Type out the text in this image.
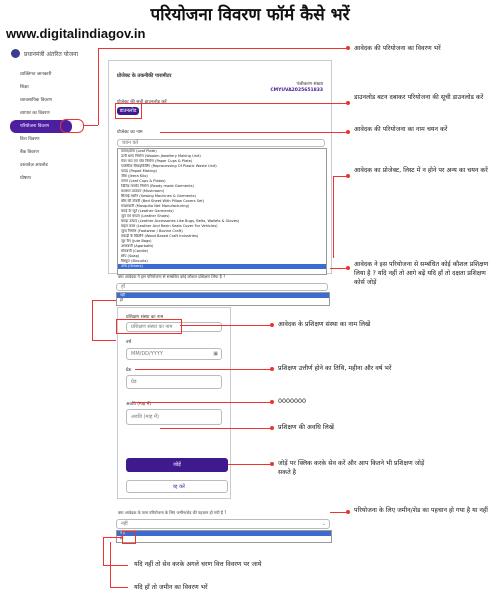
परियोजना विवरण फॉर्म कैसे भरें
www.digitalindiagov.in
प्रधानमंत्री अंतरित योजना
व्यक्तिगत जानकारी
शिक्षा
व्यावसायिक विवरण
व्यापार का विवरण
परियोजना विवरण
वित्त विवरण
बैंक विवरण
दस्तावेज़ अपलोड
घोषणा
प्रोजेक्ट के तकनीकी पारामीटर
पंजीकरण संख्या
CMYUVA2025651833
प्रोजेक्ट की सूची डाउनलोड करें
डाउनलोड
प्रोजेक्ट का नाम
चयन करें
पत्तल/दोना (Leaf Plate)
ऊनी धागा निर्माण (Woolen Jewellery Making Unit)
पेपर कप एवं प्लेट निर्माण (Paper Cups & Plate)
प्लास्टिक रिसाइकिलिंग (Reprocessing Of Plastic Waste Unit)
पापड़ (Papad Making)
जीरा (Jeera Kilo)
पत्तल (Leaf Cups & Plates)
रेडीमेड गारमेंट निर्माण (Ready made Garments)
मशरूम उत्पादन (Mushroom)
सिलाई मशीन (Sewing Machines & Garments)
बाँस की टोकरी (Bed Sheet With Pillow Covers Set)
मच्छरदानी (Mosquito Net Manufacturing)
चमड़े के जूते (Leather Garments)
जूते एवं चप्पल (Leather Shoes)
चमड़ा उत्पाद (Leather Accessories Like Bugs, Belts, Wallets & Gloves)
वाहन कवर (Leather And Rexin Seats Cover For Vehicles)
जूता निर्माण (Footwear / Bovine Craft)
लकड़ी के खिलौने (Wood Based Craft Industries)
जूट बैग (Jute Bags)
अगरबत्ती (Agarbatti)
मोमबत्ती (Candle)
सोप (Soap)
बिस्कुट (Biscuits)
अन्य (Others)
क्या आवेदक ने इस परियोजना से सम्बंधित कोई कौशल प्रशिक्षण लिया है ?
हाँ
नहीं
हाँ
प्रशिक्षण संस्था का नाम
प्रशिक्षण संस्था का नाम
वर्ष
MM/DD/YYYY	▣
ग्रेड
ग्रेड
अवधि (माह में)
अवधि (माह में)
जोड़ें
रद्द करें
क्या आवेदक के पास परियोजना के लिए जमीन/शेड की पहचान हो गयी है ?
नहीं	⌄
नहीं
हाँ
आवेदक की परियोजना का विवरण भरें
डाउनलोड बटन दबाकर परियोजना की सूची डाउनलोड करें
आवेदक की परियोजना का नाम चयन करें
आवेदक का प्रोजेक्ट, लिस्ट में न होने पर अन्य का चयन करें
आवेदक ने इस परियोजना से सम्बंधित कोई कौशल प्रशिक्षण लिया है ? यदि नहीं तो आगे बढ़ें यदि हाँ तो दक्षता प्रशिक्षण कोर्स जोड़ें
आवेदक के प्रशिक्षण संस्था का नाम लिखें
प्रशिक्षण उत्तीर्ण होने का तिथि, महीना और वर्ष भरें
0000000
प्रशिक्षण की अवधि लिखें
जोड़ें पर क्लिक करके सेव करें और आप कितने भी प्रशिक्षण जोड़ें सकते है
परियोजना के लिए जमीन/शेड का पहचान हो गया है या नहीं
यदि नहीं तो सेव करके अगले चरण वित्त विवरण पर जाये
यदि हाँ तो जमीन का विवरण भरें
